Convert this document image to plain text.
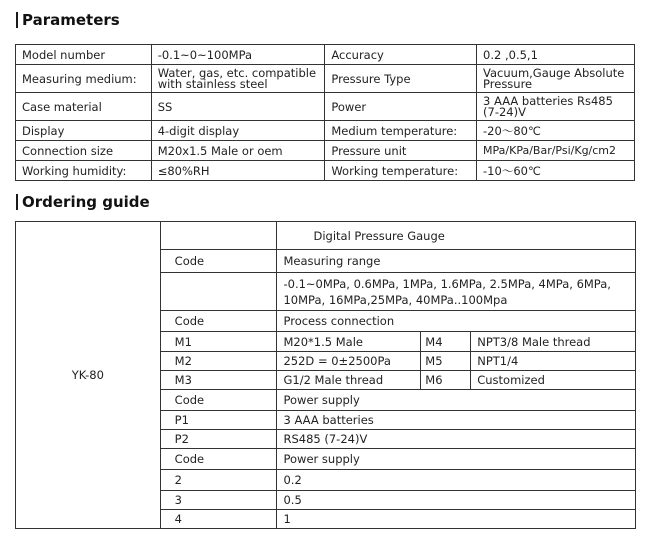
Parameters
Model number	-0.1~0~100MPa	Accuracy	0.2 ,0.5,1
Measuring medium:	Water, gas, etc. compatible with stainless steel	Pressure Type	Vacuum,Gauge Absolute Pressure
Case material	SS	Power	3 AAA batteries Rs485 (7-24)V
Display	4-digit display	Medium temperature:	-20～80℃
Connection size	M20x1.5 Male or oem	Pressure unit	MPa/KPa/Bar/Psi/Kg/cm2
Working humidity:	≤80%RH	Working temperature:	-10～60℃
Ordering guide
YK-80		Digital Pressure Gauge		
	Code	Measuring range		
		-0.1~0MPa, 0.6MPa, 1MPa, 1.6MPa, 2.5MPa, 4MPa, 6MPa, 10MPa, 16MPa,25MPa, 40MPa..100Mpa		
	Code	Process connection		
	M1	M20*1.5 Male	M4	NPT3/8 Male thread
	M2	252D = 0±2500Pa	M5	NPT1/4
	M3	G1/2 Male thread	M6	Customized
	Code	Power supply		
	P1	3 AAA batteries		
	P2	RS485 (7-24)V		
	Code	Power supply		
	2	0.2		
	3	0.5		
	4	1		
